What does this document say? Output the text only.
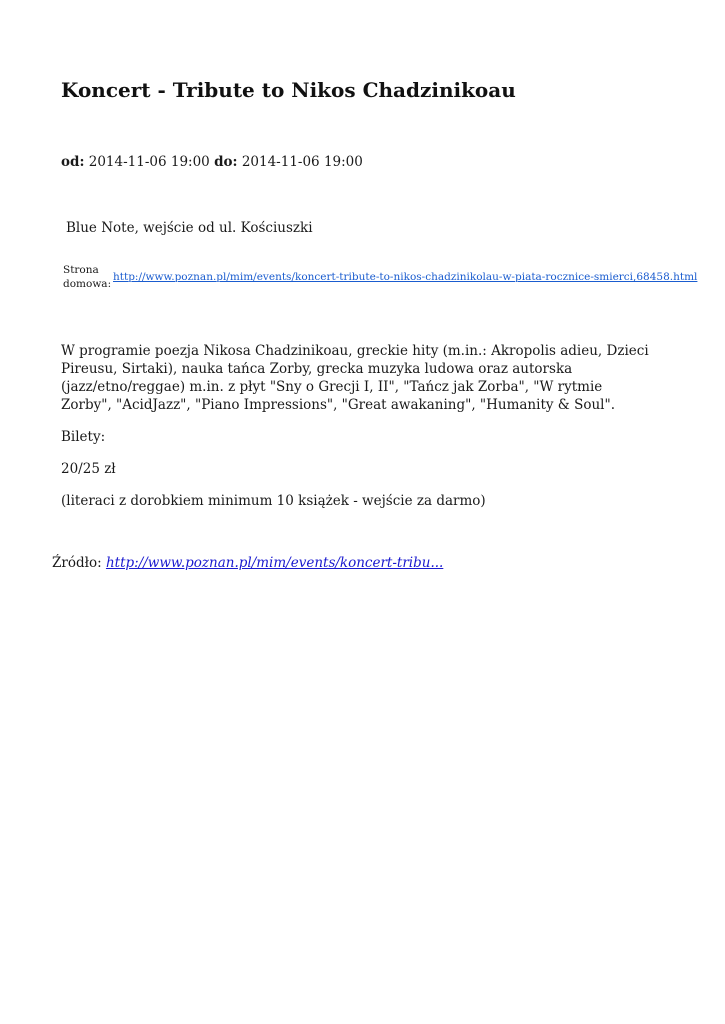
Koncert - Tribute to Nikos Chadzinikoau
od: 2014-11-06 19:00 do: 2014-11-06 19:00
Blue Note, wejście od ul. Kościuszki
Strona domowa:
http://www.poznan.pl/mim/events/koncert-tribute-to-nikos-chadzinikolau-w-piata-rocznice-smierci,68458.html

W programie poezja Nikosa Chadzinikoau, greckie hity (m.in.: Akropolis adieu, Dzieci Pireusu, Sirtaki), nauka tańca Zorby, grecka muzyka ludowa oraz autorska (jazz/etno/reggae) m.in. z płyt "Sny o Grecji I, II", "Tańcz jak Zorba", "W rytmie Zorby", "AcidJazz", "Piano Impressions", "Great awakaning", "Humanity & Soul".

Bilety:

20/25 zł

(literaci z dorobkiem minimum 10 książek - wejście za darmo)

Źródło: http://www.poznan.pl/mim/events/koncert-tribu...
